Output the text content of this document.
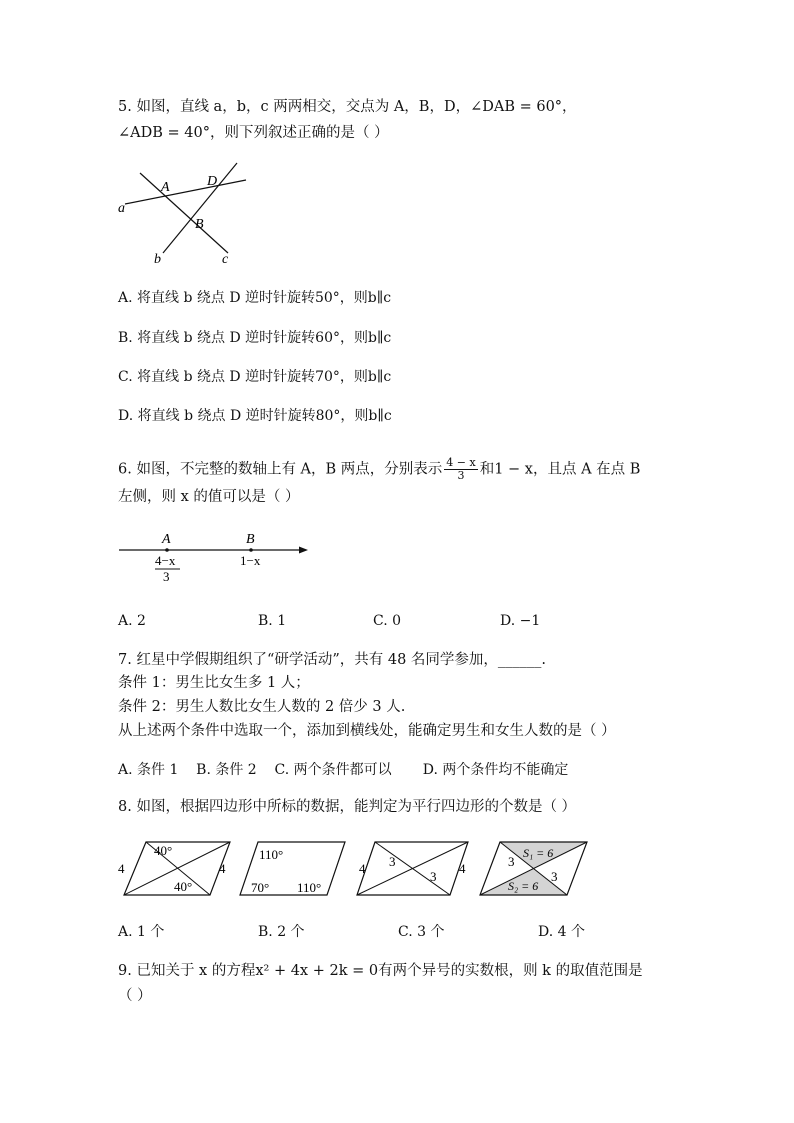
5. 如图，直线 a，b，c 两两相交，交点为 A，B，D，∠DAB = 60°，
∠ADB = 40°，则下列叙述正确的是（ ）
a
A	D
B
b	c
A. 将直线 b 绕点 D 逆时针旋转50°，则b∥c
B. 将直线 b 绕点 D 逆时针旋转60°，则b∥c
C. 将直线 b 绕点 D 逆时针旋转70°，则b∥c
D. 将直线 b 绕点 D 逆时针旋转80°，则b∥c
6. 如图，不完整的数轴上有 A，B 两点，分别表示 $\frac{4 - x}{3}$ 和1 − x，且点 A 在点 B
左侧，则 x 的值可以是（ ）
A	B
4−x
3
1−x
A. 2	B. 1	C. 0	D. −1
7. 红星中学假期组织了“研学活动”，共有 48 名同学参加，______.
条件 1：男生比女生多 1 人；
条件 2：男生人数比女生人数的 2 倍少 3 人.
从上述两个条件中选取一个，添加到横线处，能确定男生和女生人数的是（ ）
A. 条件 1    B. 条件 2    C. 两个条件都可以       D. 两个条件均不能确定
8. 如图，根据四边形中所标的数据，能判定为平行四边形的个数是（ ）
40°
40°
4	4
110°
70° 110°
4	4
3
3
S₁ = 6
S₂ = 6
3
3
A. 1 个	B. 2 个	C. 3 个	D. 4 个
9. 已知关于 x 的方程x² + 4x + 2k = 0有两个异号的实数根，则 k 的取值范围是
（ ）
